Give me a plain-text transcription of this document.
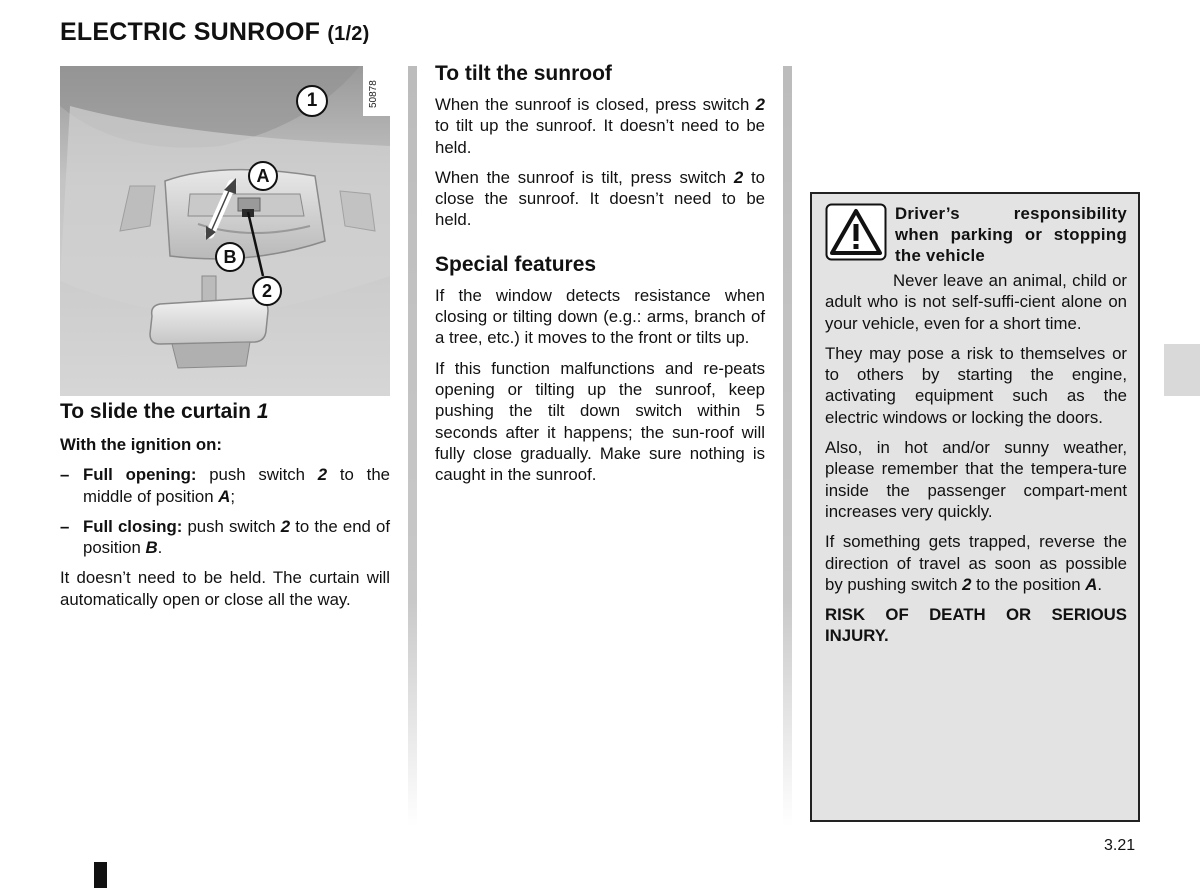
ELECTRIC SUNROOF (1/2)
50878
1
A
B
2
To slide the curtain 1

With the ignition on:

– Full opening: push switch 2 to the middle of position A;
– Full closing: push switch 2 to the end of position B.

It doesn’t need to be held. The curtain will automatically open or close all the way.

To tilt the sunroof

When the sunroof is closed, press switch 2 to tilt up the sunroof. It doesn’t need to be held.

When the sunroof is tilt, press switch 2 to close the sunroof. It doesn’t need to be held.

Special features

If the window detects resistance when closing or tilting down (e.g.: arms, branch of a tree, etc.) it moves to the front or tilts up.

If this function malfunctions and re-peats opening or tilting up the sunroof, keep pushing the tilt down switch within 5 seconds after it happens; the sun-roof will fully close gradually. Make sure nothing is caught in the sunroof.

Driver’s responsibility when parking or stopping the vehicle

Never leave an animal, child or adult who is not self-suffi-cient alone on your vehicle, even for a short time.

They may pose a risk to themselves or to others by starting the engine, activating equipment such as the electric windows or locking the doors.

Also, in hot and/or sunny weather, please remember that the tempera-ture inside the passenger compart-ment increases very quickly.

If something gets trapped, reverse the direction of travel as soon as possible by pushing switch 2 to the position A.

RISK OF DEATH OR SERIOUS INJURY.

3.21
